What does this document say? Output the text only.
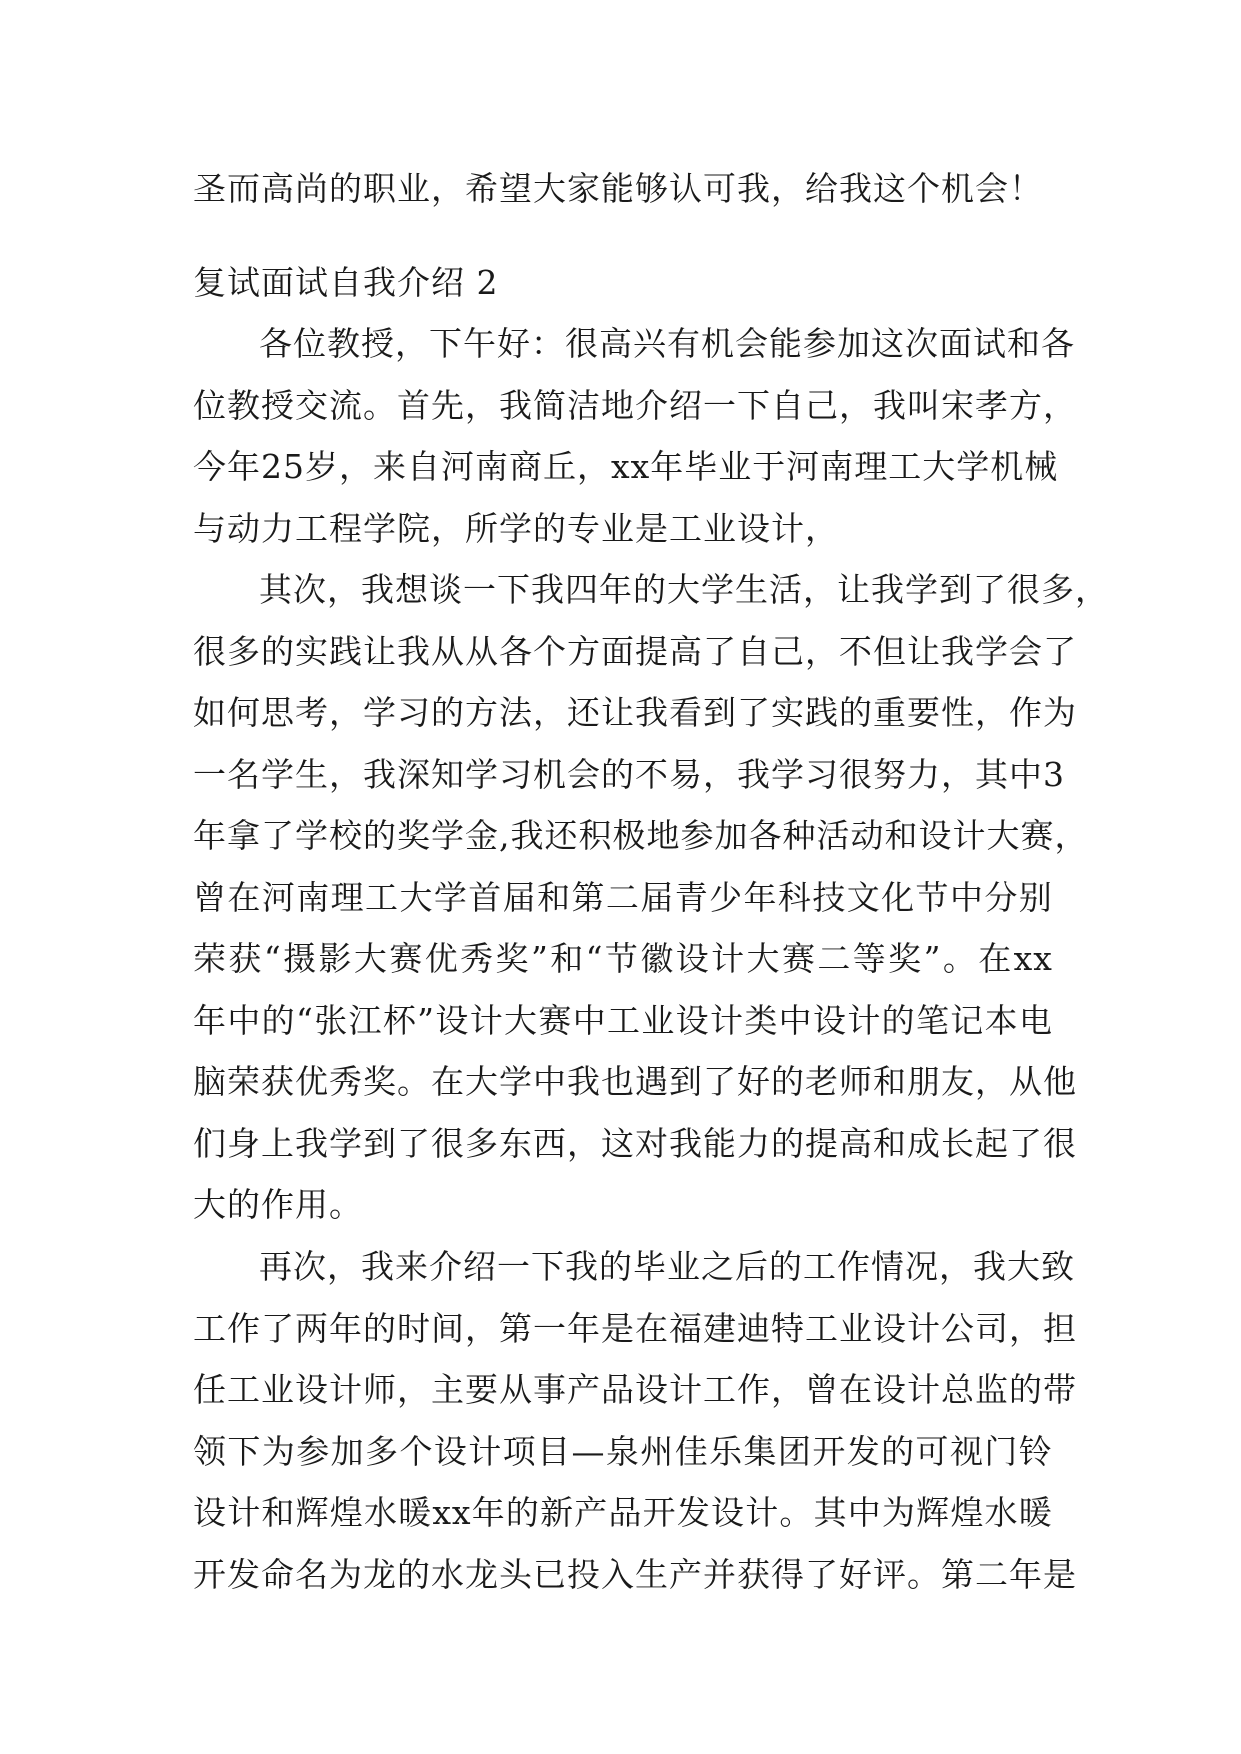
圣而高尚的职业，希望大家能够认可我，给我这个机会！
复试面试自我介绍 2
各 位 教 授 ， 下 午 好 ： 很 高 兴 有 机 会 能 参 加 这 次 面 试 和 各
位 教 授 交 流 。 首 先 ， 我 简 洁 地 介 绍 一 下 自 己 ， 我 叫 宋 孝 方 ，
今 年 25 岁 ， 来 自 河 南 商 丘 ， xx 年 毕 业 于 河 南 理 工 大 学 机 械
与动力工程学院，所学的专业是工业设计，
其 次 ， 我 想 谈 一 下 我 四 年 的 大 学 生 活 ， 让 我 学 到 了 很 多 ，
很 多 的 实 践 让 我 从 从 各 个 方 面 提 高 了 自 己 ， 不 但 让 我 学 会 了
如 何 思 考 ， 学 习 的 方 法 ， 还 让 我 看 到 了 实 践 的 重 要 性 ， 作 为
一 名 学 生 ， 我 深 知 学 习 机 会 的 不 易 ， 我 学 习 很 努 力 ， 其 中 3
年 拿 了 学 校 的 奖 学 金 , 我 还 积 极 地 参 加 各 种 活 动 和 设 计 大 赛 ，
曾 在 河 南 理 工 大 学 首 届 和 第 二 届 青 少 年 科 技 文 化 节 中 分 别
荣 获 “ 摄 影 大 赛 优 秀 奖 ” 和 “ 节 徽 设 计 大 赛 二 等 奖 ” 。 在 xx
年 中 的 “ 张 江 杯 ” 设 计 大 赛 中 工 业 设 计 类 中 设 计 的 笔 记 本 电
脑 荣 获 优 秀 奖 。 在 大 学 中 我 也 遇 到 了 好 的 老 师 和 朋 友 ， 从 他
们 身 上 我 学 到 了 很 多 东 西 ， 这 对 我 能 力 的 提 高 和 成 长 起 了 很
大的作用。
再 次 ， 我 来 介 绍 一 下 我 的 毕 业 之 后 的 工 作 情 况 ， 我 大 致
工 作 了 两 年 的 时 间 ， 第 一 年 是 在 福 建 迪 特 工 业 设 计 公 司 ， 担
任 工 业 设 计 师 ， 主 要 从 事 产 品 设 计 工 作 ， 曾 在 设 计 总 监 的 带
领 下 为 参 加 多 个 设 计 项 目 — 泉 州 佳 乐 集 团 开 发 的 可 视 门 铃
设 计 和 辉 煌 水 暖 xx 年 的 新 产 品 开 发 设 计 。 其 中 为 辉 煌 水 暖
开 发 命 名 为 龙 的 水 龙 头 已 投 入 生 产 并 获 得 了 好 评 。 第 二 年 是
